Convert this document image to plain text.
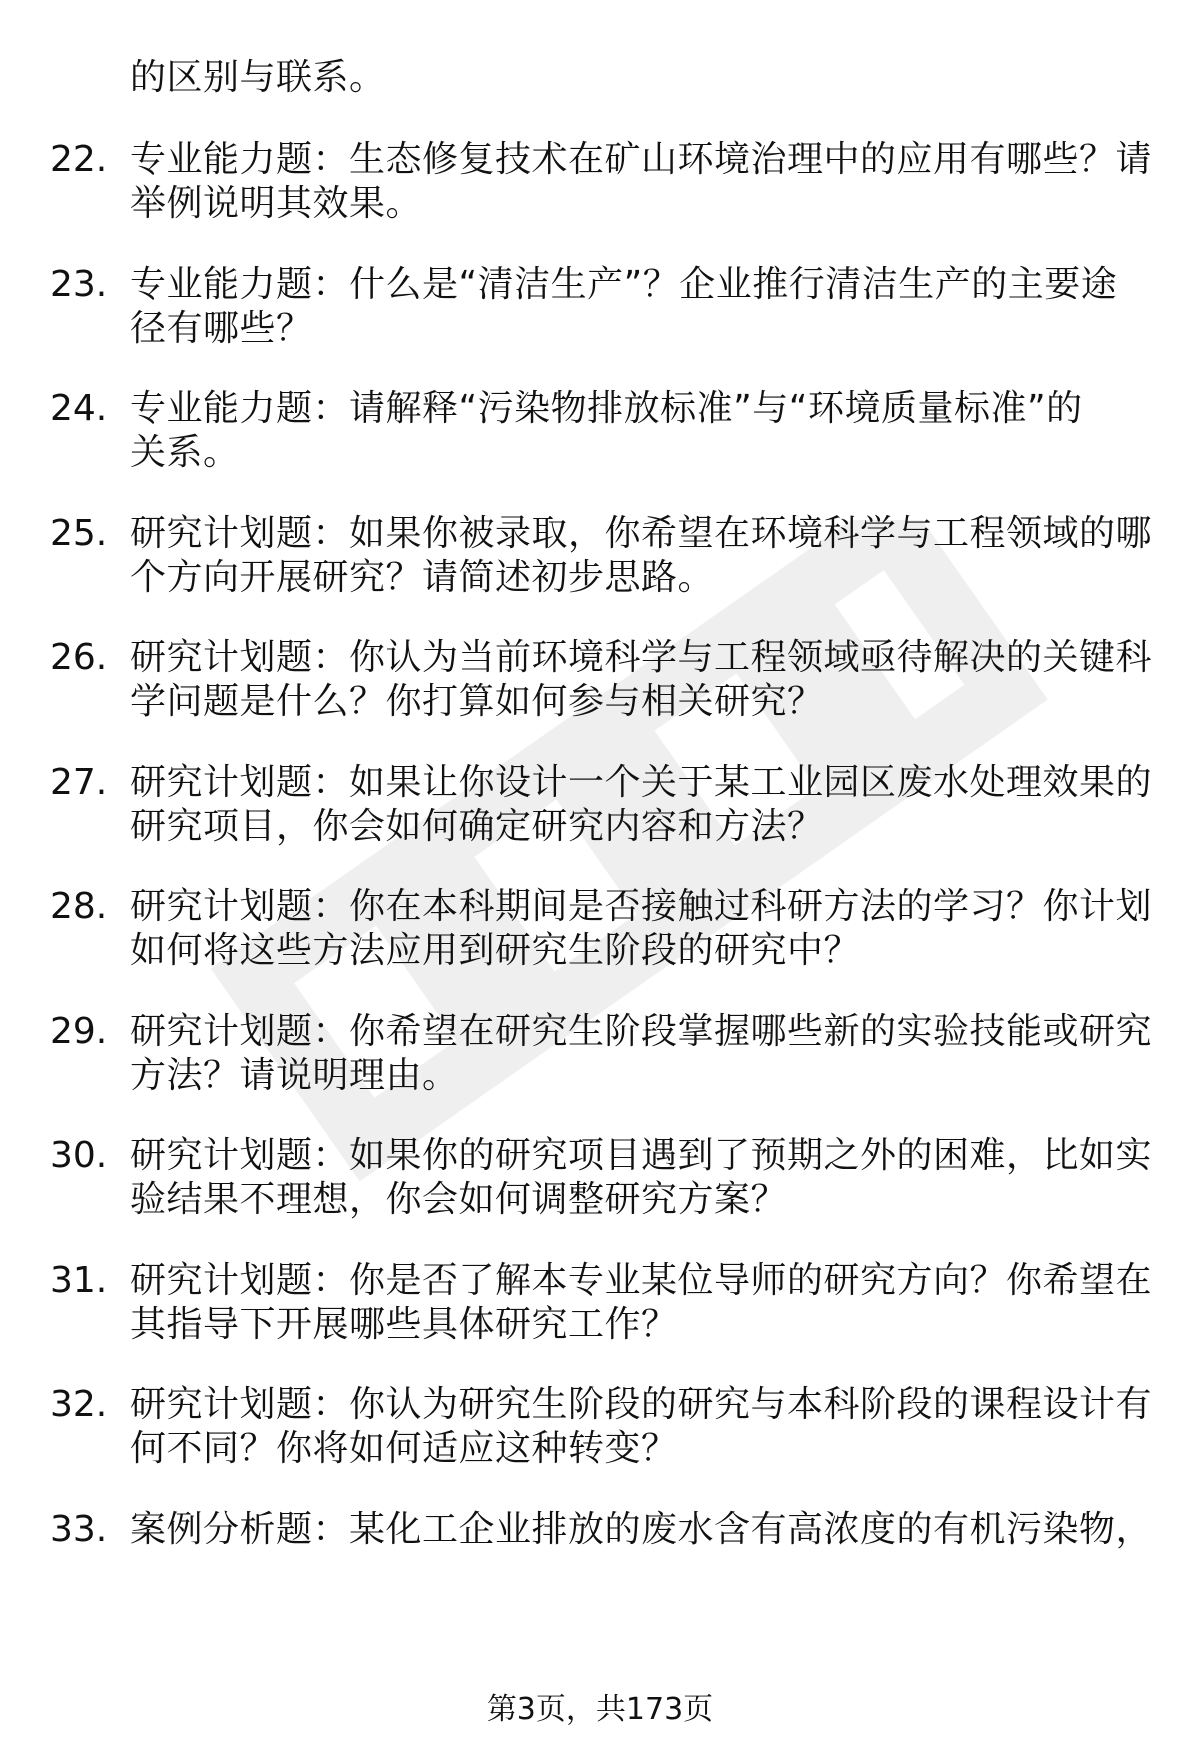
的区别与联系。
22. 专业能力题：生态修复技术在矿山环境治理中的应用有哪些？请
举例说明其效果。
23. 专业能力题：什么是“清洁生产”？企业推行清洁生产的主要途
径有哪些？
24. 专业能力题：请解释“污染物排放标准”与“环境质量标准”的
关系。
25. 研究计划题：如果你被录取，你希望在环境科学与工程领域的哪
个方向开展研究？请简述初步思路。
26. 研究计划题：你认为当前环境科学与工程领域亟待解决的关键科
学问题是什么？你打算如何参与相关研究？
27. 研究计划题：如果让你设计一个关于某工业园区废水处理效果的
研究项目，你会如何确定研究内容和方法？
28. 研究计划题：你在本科期间是否接触过科研方法的学习？你计划
如何将这些方法应用到研究生阶段的研究中？
29. 研究计划题：你希望在研究生阶段掌握哪些新的实验技能或研究
方法？请说明理由。
30. 研究计划题：如果你的研究项目遇到了预期之外的困难，比如实
验结果不理想，你会如何调整研究方案？
31. 研究计划题：你是否了解本专业某位导师的研究方向？你希望在
其指导下开展哪些具体研究工作？
32. 研究计划题：你认为研究生阶段的研究与本科阶段的课程设计有
何不同？你将如何适应这种转变？
33. 案例分析题：某化工企业排放的废水含有高浓度的有机污染物，
第3页，共173页
